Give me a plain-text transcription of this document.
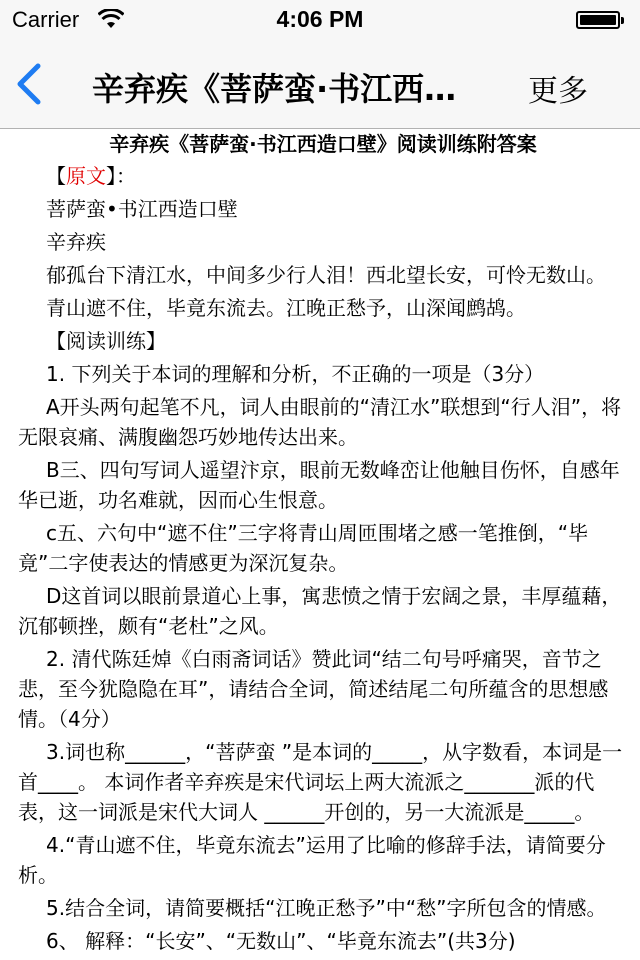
Carrier	4:06 PM
辛弃疾《菩萨蛮·书江西…	更多

辛弃疾《菩萨蛮·书江西造口壁》阅读训练附答案

【原文】：

菩萨蛮•书江西造口壁

辛弃疾

郁孤台下清江水，中间多少行人泪！西北望长安，可怜无数山。

青山遮不住，毕竟东流去。江晚正愁予，山深闻鹧鸪。

【阅读训练】

1. 下列关于本词的理解和分析，不正确的一项是（3分）

A开头两句起笔不凡，词人由眼前的“清江水”联想到“行人泪”，将无限哀痛、满腹幽怨巧妙地传达出来。

B三、四句写词人遥望汴京，眼前无数峰峦让他触目伤怀，自感年华已逝，功名难就，因而心生恨意。

c五、六句中“遮不住”三字将青山周匝围堵之感一笔推倒，“毕竟”二字使表达的情感更为深沉复杂。

D这首词以眼前景道心上事，寓悲愤之情于宏阔之景，丰厚蕴藉，沉郁顿挫，颇有“老杜”之风。

2. 清代陈廷焯《白雨斋词话》赞此词“结二句号呼痛哭，音节之悲，至今犹隐隐在耳”，请结合全词，简述结尾二句所蕴含的思想感情。（4分）

3.词也称______，“菩萨蛮 ”是本词的_____，从字数看，本词是一首____。 本词作者辛弃疾是宋代词坛上两大流派之_______派的代表，这一词派是宋代大词人 ______开创的，另一大流派是_____。

4.“青山遮不住，毕竟东流去”运用了比喻的修辞手法，请简要分析。

5.结合全词，请简要概括“江晚正愁予”中“愁”字所包含的情感。

6、 解释：“长安”、“无数山”、“毕竟东流去”(共3分)
